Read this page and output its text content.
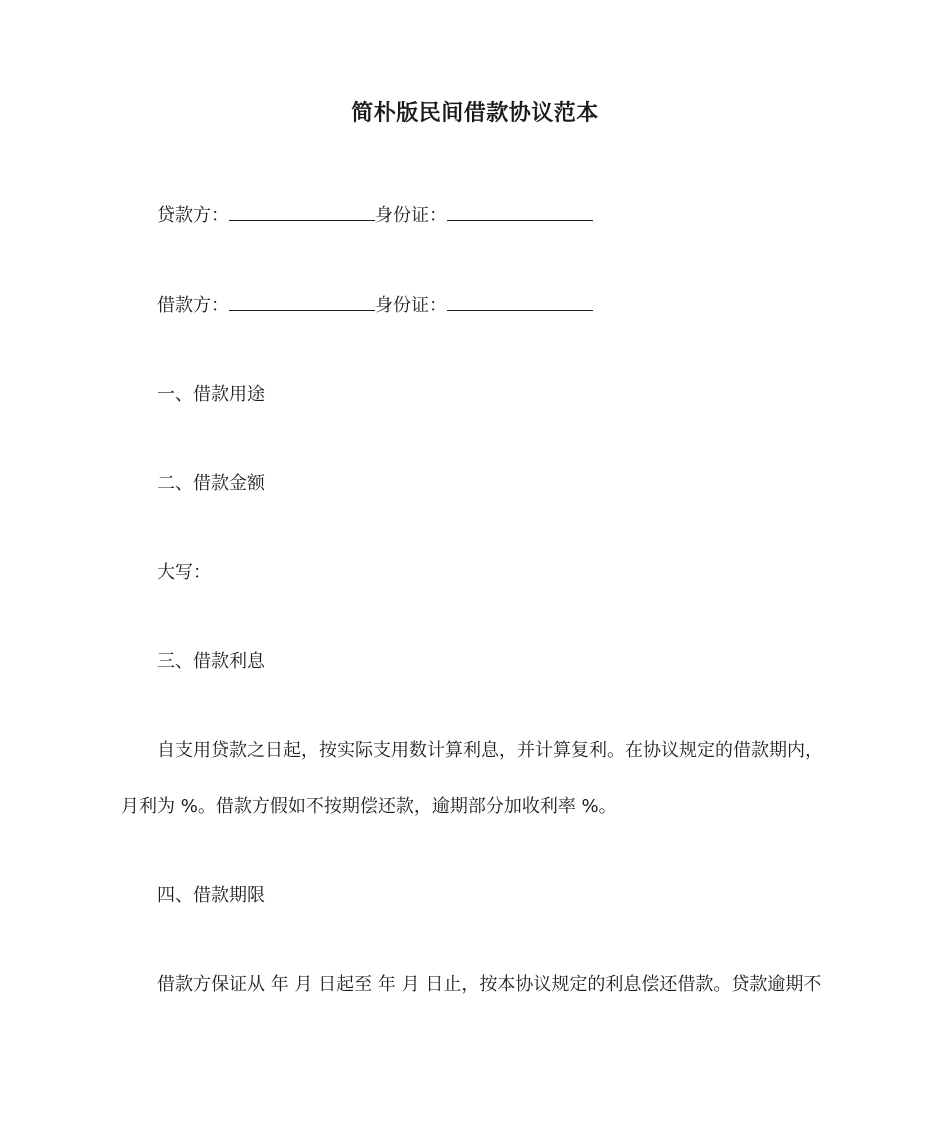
简朴版民间借款协议范本
贷款方：	身份证：
借款方：	身份证：
一、借款用途
二、借款金额
大写：
三、借款利息
自支用贷款之日起，按实际支用数计算利息，并计算复利。在协议规定的借款期内，
月利为 %。借款方假如不按期偿还款，逾期部分加收利率 %。
四、借款期限
借款方保证从 年 月 日起至 年 月 日止，按本协议规定的利息偿还借款。贷款逾期不
